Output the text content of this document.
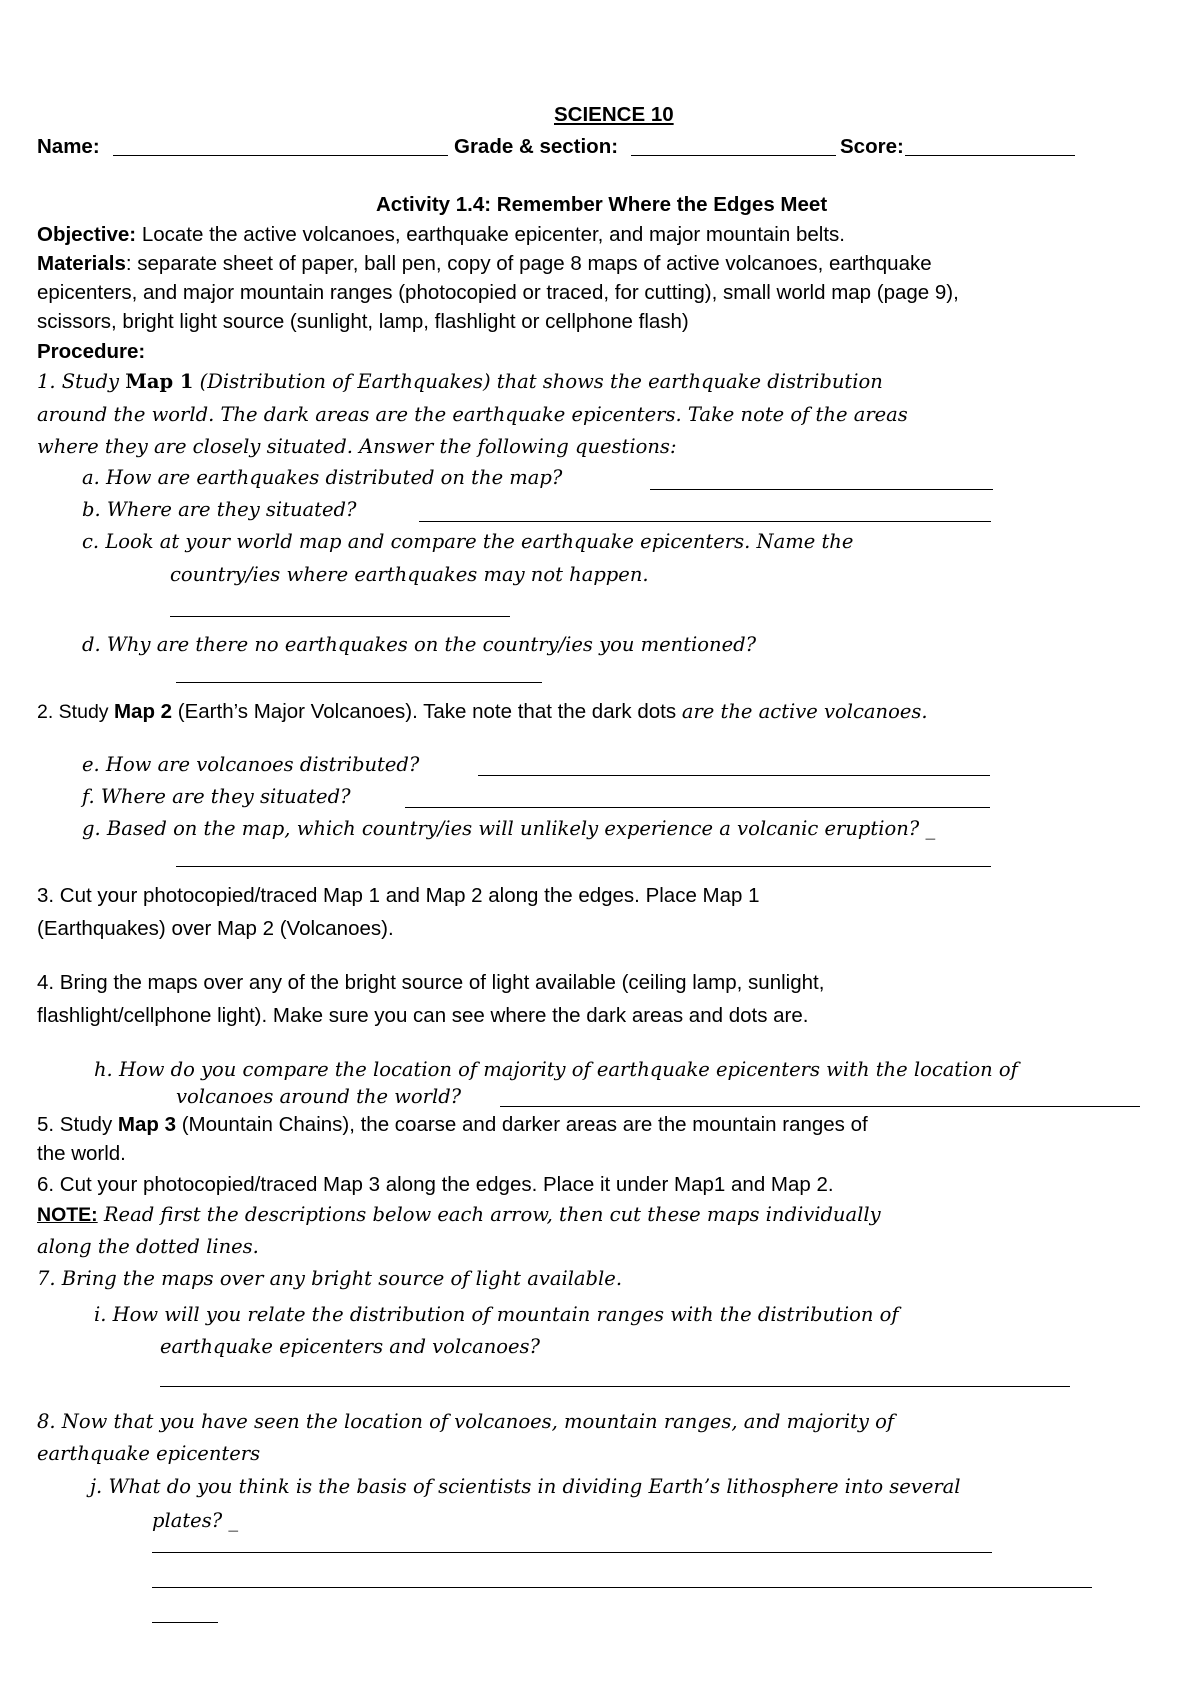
SCIENCE 10
Name:	Grade & section:	Score:
Activity 1.4: Remember Where the Edges Meet
Objective: Locate the active volcanoes, earthquake epicenter, and major mountain belts.
Materials: separate sheet of paper, ball pen, copy of page 8 maps of active volcanoes, earthquake
epicenters, and major mountain ranges (photocopied or traced, for cutting), small world map (page 9),
scissors, bright light source (sunlight, lamp, flashlight or cellphone flash)
Procedure:
1. Study Map 1 (Distribution of Earthquakes) that shows the earthquake distribution
around the world. The dark areas are the earthquake epicenters. Take note of the areas
where they are closely situated. Answer the following questions:
a. How are earthquakes distributed on the map?
b. Where are they situated?
c. Look at your world map and compare the earthquake epicenters. Name the
country/ies where earthquakes may not happen.
d. Why are there no earthquakes on the country/ies you mentioned?
2. Study Map 2 (Earth’s Major Volcanoes). Take note that the dark dots are the active volcanoes.
e. How are volcanoes distributed?
f. Where are they situated?
g. Based on the map, which country/ies will unlikely experience a volcanic eruption? _
3. Cut your photocopied/traced Map 1 and Map 2 along the edges. Place Map 1
(Earthquakes) over Map 2 (Volcanoes).
4. Bring the maps over any of the bright source of light available (ceiling lamp, sunlight,
flashlight/cellphone light). Make sure you can see where the dark areas and dots are.
h. How do you compare the location of majority of earthquake epicenters with the location of
volcanoes around the world?
5. Study Map 3 (Mountain Chains), the coarse and darker areas are the mountain ranges of
the world.
6. Cut your photocopied/traced Map 3 along the edges. Place it under Map1 and Map 2.
NOTE: Read first the descriptions below each arrow, then cut these maps individually
along the dotted lines.
7. Bring the maps over any bright source of light available.
i. How will you relate the distribution of mountain ranges with the distribution of
earthquake epicenters and volcanoes?
8. Now that you have seen the location of volcanoes, mountain ranges, and majority of
earthquake epicenters
j. What do you think is the basis of scientists in dividing Earth’s lithosphere into several
plates? _
